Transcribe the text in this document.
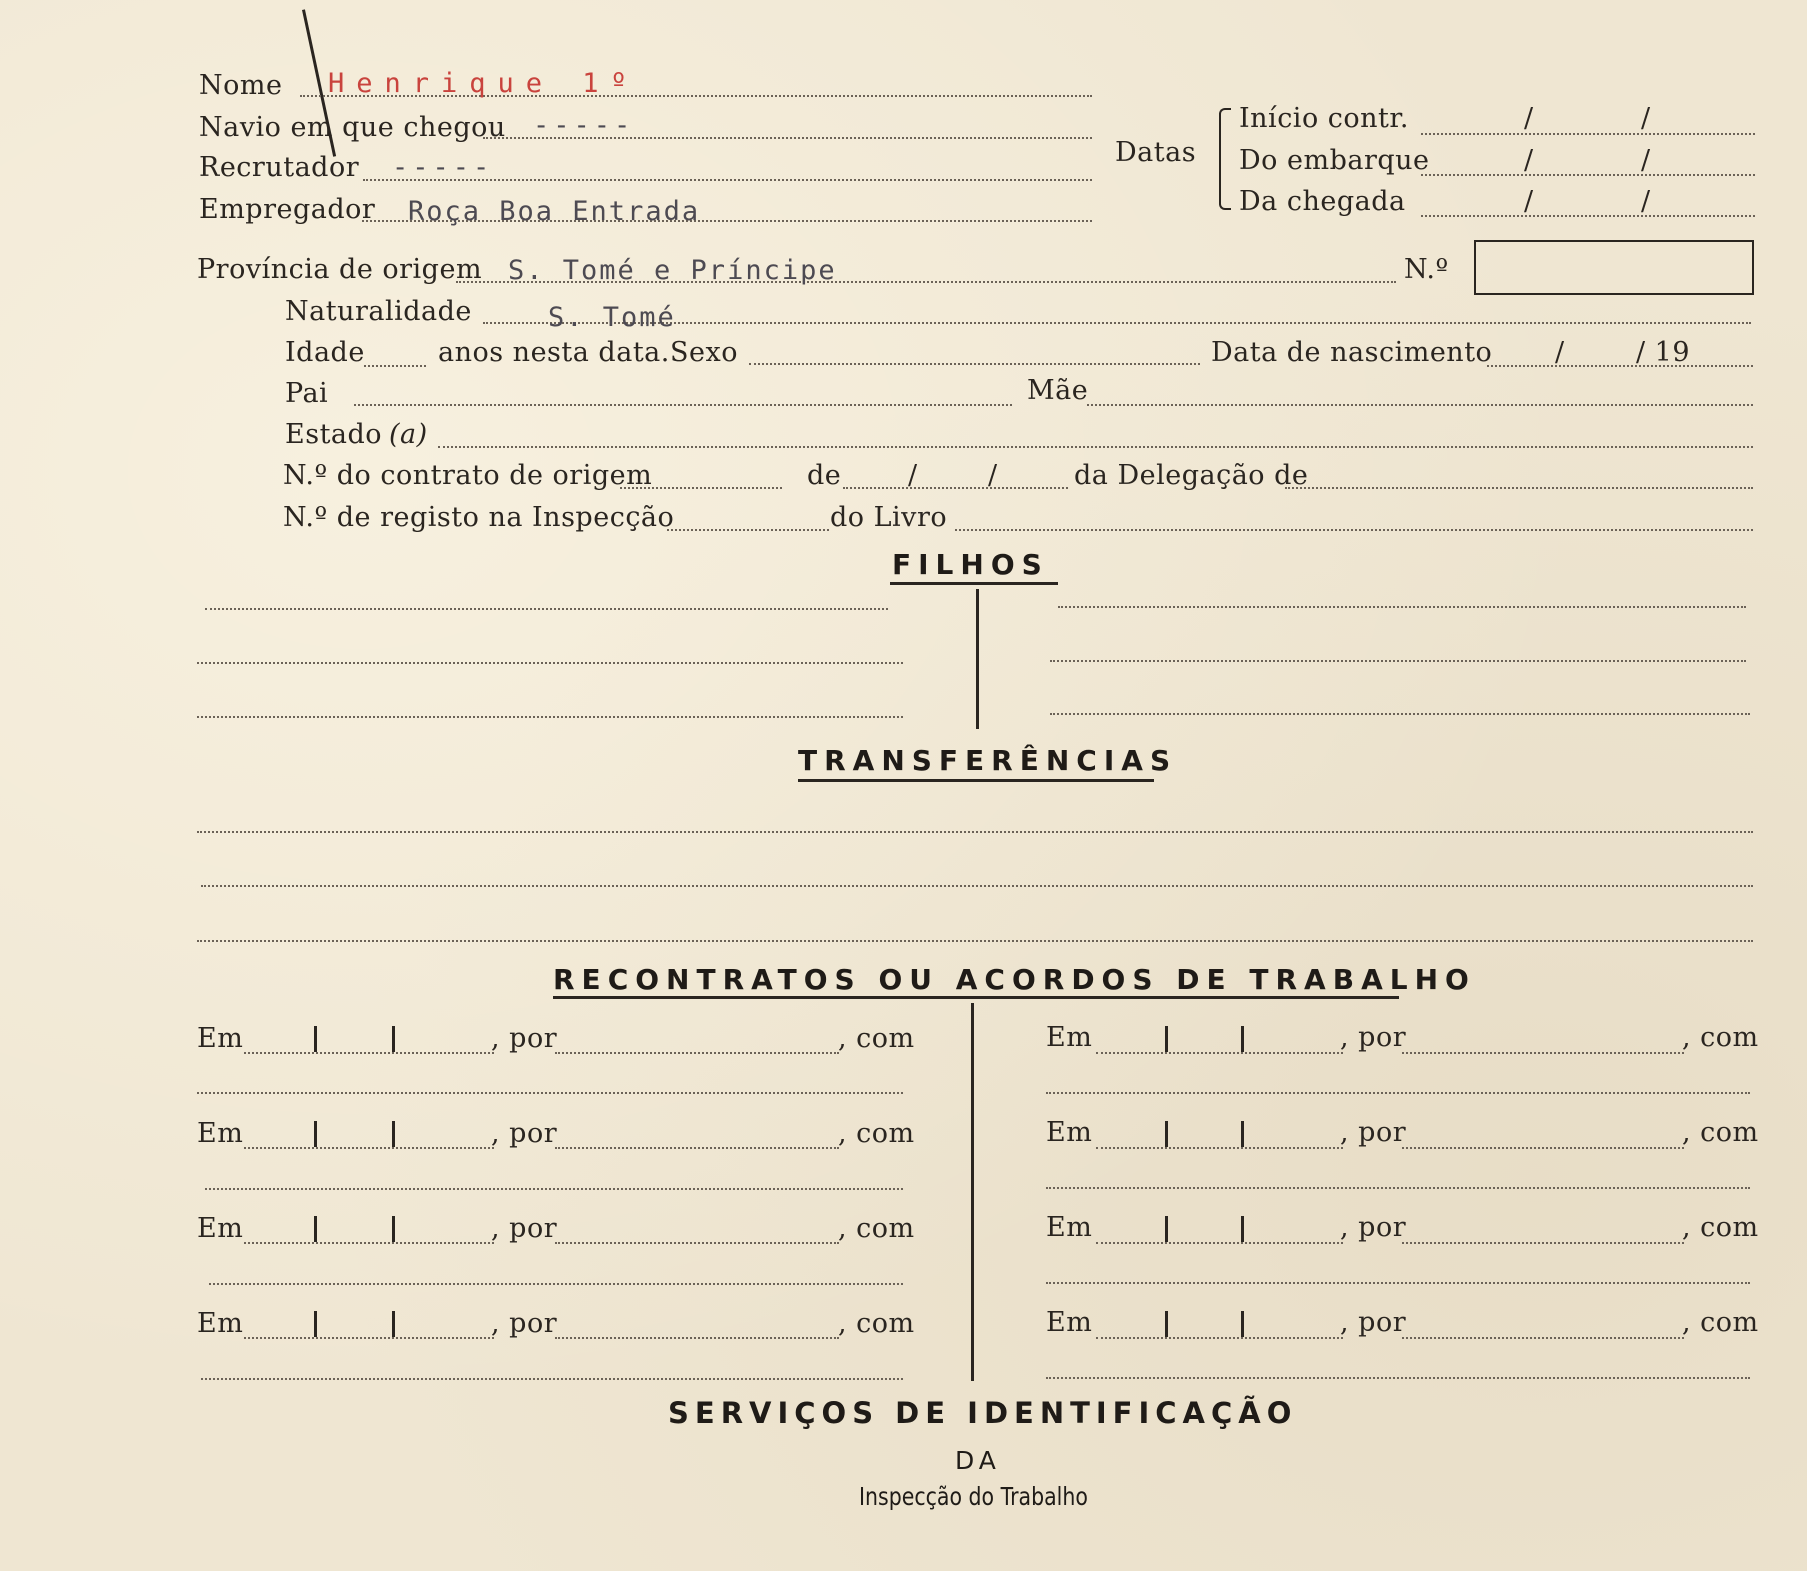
Nome Henrique 1º
Navio em que chegou -----
Recrutador -----
Empregador Roça Boa Entrada
Datas
Início contr.	/	/
Do embarque	/	/
Da chegada	/	/
Província de origem S. Tomé e Príncipe	N.º
Naturalidade	S. Tomé
Idade	anos nesta data. Sexo	Data de nascimento /	/ 19
Pai	Mãe
Estado (a)
N.º do contrato de origem	de /	/	da Delegação de
N.º de registo na Inspecção	do Livro
FILHOS
TRANSFERÊNCIAS
RECONTRATOS OU ACORDOS DE TRABALHO
Em	, por	, com
Em	, por	, com
Em	, por	, com
Em	, por	, com
Em	, por	, com
Em	, por	, com
Em	, por	, com
Em	, por	, com
SERVIÇOS DE IDENTIFICAÇÃO
DA
Inspecção do Trabalho
